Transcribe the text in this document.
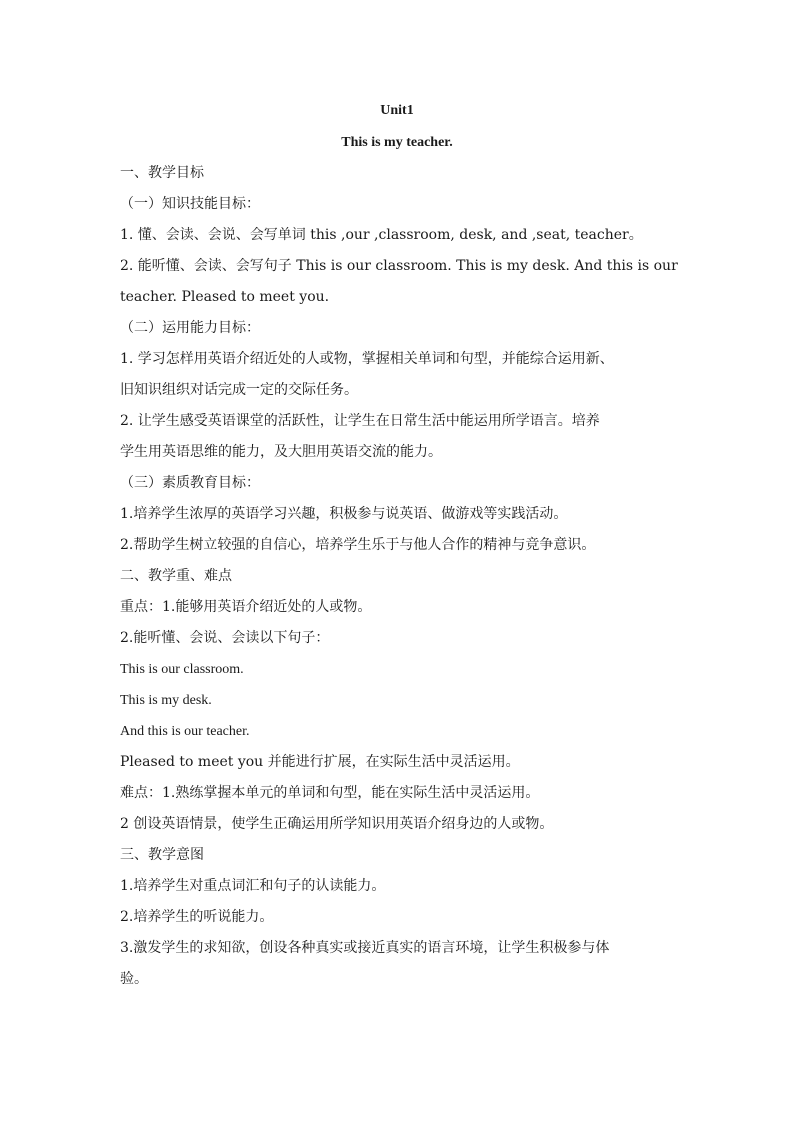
Unit1
This is my teacher.

一、教学目标

（一）知识技能目标：

1. 懂、会读、会说、会写单词 this ,our ,classroom, desk, and ,seat, teacher。

2. 能听懂、会读、会写句子 This is our classroom. This is my desk. And this is our

teacher. Pleased to meet you.

（二）运用能力目标：

1. 学习怎样用英语介绍近处的人或物，掌握相关单词和句型，并能综合运用新、

旧知识组织对话完成一定的交际任务。

2. 让学生感受英语课堂的活跃性，让学生在日常生活中能运用所学语言。培养

学生用英语思维的能力，及大胆用英语交流的能力。

（三）素质教育目标：

1.培养学生浓厚的英语学习兴趣，积极参与说英语、做游戏等实践活动。

2.帮助学生树立较强的自信心，培养学生乐于与他人合作的精神与竞争意识。

二、教学重、难点

重点：1.能够用英语介绍近处的人或物。

2.能听懂、会说、会读以下句子：

This is our classroom.

This is my desk.

And this is our teacher.

Pleased to meet you 并能进行扩展，在实际生活中灵活运用。

难点：1.熟练掌握本单元的单词和句型，能在实际生活中灵活运用。

2 创设英语情景，使学生正确运用所学知识用英语介绍身边的人或物。

三、教学意图

1.培养学生对重点词汇和句子的认读能力。

2.培养学生的听说能力。

3.激发学生的求知欲，创设各种真实或接近真实的语言环境，让学生积极参与体

验。
